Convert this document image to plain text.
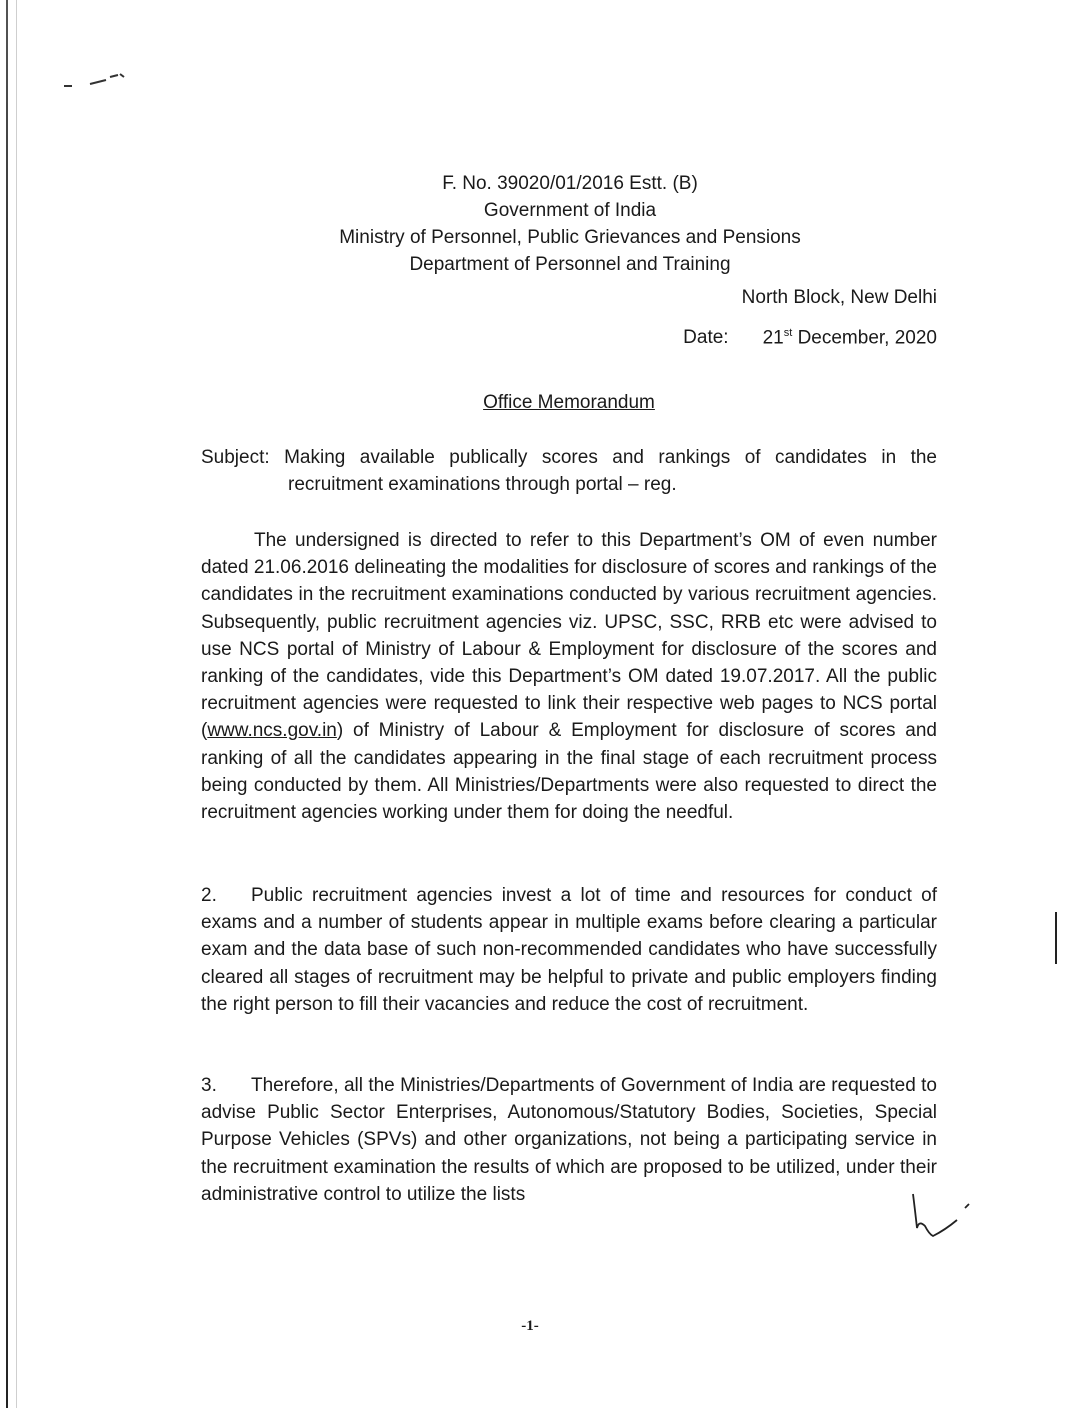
F. No. 39020/01/2016 Estt. (B)
Government of India
Ministry of Personnel, Public Grievances and Pensions
Department of Personnel and Training
North Block, New Delhi
Date: 21st December, 2020
Office Memorandum
Subject: Making available publically scores and rankings of candidates in the
recruitment examinations through portal – reg.
The undersigned is directed to refer to this Department’s OM of even number dated 21.06.2016 delineating the modalities for disclosure of scores and rankings of the candidates in the recruitment examinations conducted by various recruitment agencies. Subsequently, public recruitment agencies viz. UPSC, SSC, RRB etc were advised to use NCS portal of Ministry of Labour & Employment for disclosure of the scores and ranking of the candidates, vide this Department’s OM dated 19.07.2017. All the public recruitment agencies were requested to link their respective web pages to NCS portal (www.ncs.gov.in) of Ministry of Labour & Employment for disclosure of scores and ranking of all the candidates appearing in the final stage of each recruitment process being conducted by them. All Ministries/Departments were also requested to direct the recruitment agencies working under them for doing the needful.
2. Public recruitment agencies invest a lot of time and resources for conduct of exams and a number of students appear in multiple exams before clearing a particular exam and the data base of such non-recommended candidates who have successfully cleared all stages of recruitment may be helpful to private and public employers finding the right person to fill their vacancies and reduce the cost of recruitment.
3. Therefore, all the Ministries/Departments of Government of India are requested to advise Public Sector Enterprises, Autonomous/Statutory Bodies, Societies, Special Purpose Vehicles (SPVs) and other organizations, not being a participating service in the recruitment examination the results of which are proposed to be utilized, under their administrative control to utilize the lists
-1-
